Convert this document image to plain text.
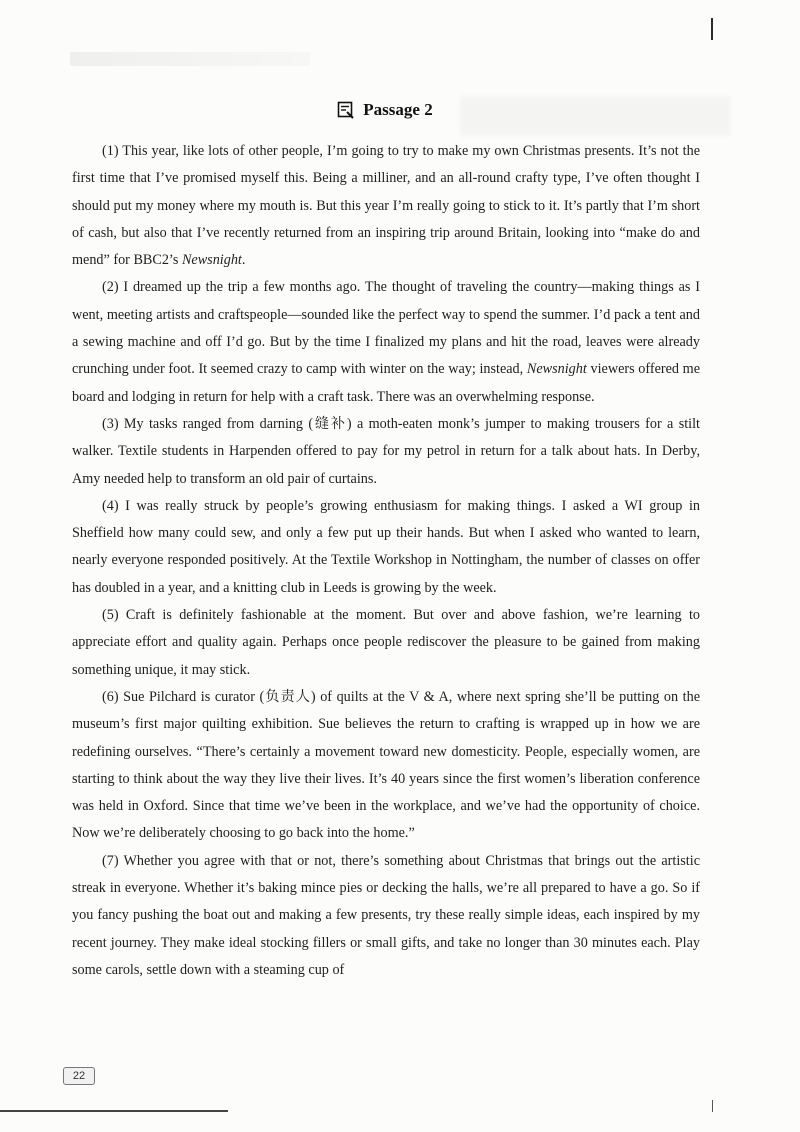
Passage 2

(1) This year, like lots of other people, I’m going to try to make my own Christmas presents. It’s not the first time that I’ve promised myself this. Being a milliner, and an all-round crafty type, I’ve often thought I should put my money where my mouth is. But this year I’m really going to stick to it. It’s partly that I’m short of cash, but also that I’ve recently returned from an inspiring trip around Britain, looking into “make do and mend” for BBC2’s Newsnight.

(2) I dreamed up the trip a few months ago. The thought of traveling the country—making things as I went, meeting artists and craftspeople—sounded like the perfect way to spend the summer. I’d pack a tent and a sewing machine and off I’d go. But by the time I finalized my plans and hit the road, leaves were already crunching under foot. It seemed crazy to camp with winter on the way; instead, Newsnight viewers offered me board and lodging in return for help with a craft task. There was an overwhelming response.

(3) My tasks ranged from darning (缝补) a moth-eaten monk’s jumper to making trousers for a stilt walker. Textile students in Harpenden offered to pay for my petrol in return for a talk about hats. In Derby, Amy needed help to transform an old pair of curtains.

(4) I was really struck by people’s growing enthusiasm for making things. I asked a WI group in Sheffield how many could sew, and only a few put up their hands. But when I asked who wanted to learn, nearly everyone responded positively. At the Textile Workshop in Nottingham, the number of classes on offer has doubled in a year, and a knitting club in Leeds is growing by the week.

(5) Craft is definitely fashionable at the moment. But over and above fashion, we’re learning to appreciate effort and quality again. Perhaps once people rediscover the pleasure to be gained from making something unique, it may stick.

(6) Sue Pilchard is curator (负责人) of quilts at the V & A, where next spring she’ll be putting on the museum’s first major quilting exhibition. Sue believes the return to crafting is wrapped up in how we are redefining ourselves. “There’s certainly a movement toward new domesticity. People, especially women, are starting to think about the way they live their lives. It’s 40 years since the first women’s liberation conference was held in Oxford. Since that time we’ve been in the workplace, and we’ve had the opportunity of choice. Now we’re deliberately choosing to go back into the home.”

(7) Whether you agree with that or not, there’s something about Christmas that brings out the artistic streak in everyone. Whether it’s baking mince pies or decking the halls, we’re all prepared to have a go. So if you fancy pushing the boat out and making a few presents, try these really simple ideas, each inspired by my recent journey. They make ideal stocking fillers or small gifts, and take no longer than 30 minutes each. Play some carols, settle down with a steaming cup of

22
